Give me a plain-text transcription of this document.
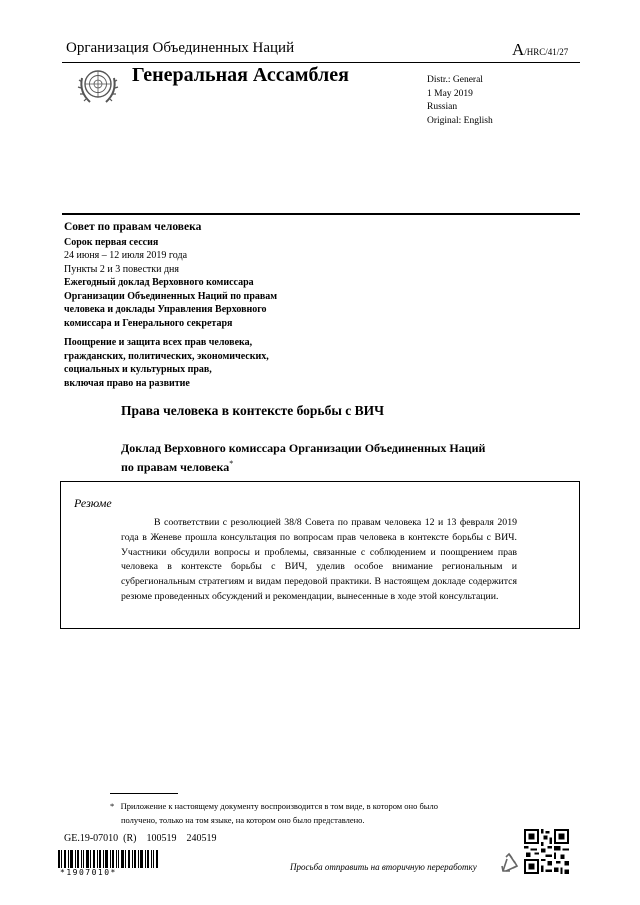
Организация Объединенных Наций	A/HRC/41/27
Генеральная Ассамблея	Distr.: General
1 May 2019
Russian
Original: English
Совет по правам человека
Сорок первая сессия
24 июня – 12 июля 2019 года
Пункты 2 и 3 повестки дня
Ежегодный доклад Верховного комиссара
Организации Объединенных Наций по правам
человека и доклады Управления Верховного
комиссара и Генерального секретаря
Поощрение и защита всех прав человека,
гражданских, политических, экономических,
социальных и культурных прав,
включая право на развитие
Права человека в контексте борьбы с ВИЧ
Доклад Верховного комиссара Организации Объединенных Наций
по правам человека*
Резюме
В соответствии с резолюцией 38/8 Совета по правам человека 12 и 13 февраля 2019 года в Женеве прошла консультация по вопросам прав человека в контексте борьбы с ВИЧ. Участники обсудили вопросы и проблемы, связанные с соблюдением и поощрением прав человека в контексте борьбы с ВИЧ, уделив особое внимание региональным и субрегиональным стратегиям и видам передовой практики. В настоящем докладе содержится резюме проведенных обсуждений и рекомендации, вынесенные в ходе этой консультации.
* Приложение к настоящему документу воспроизводится в том виде, в котором оно было
получено, только на том языке, на котором оно было представлено.
GE.19-07010  (R)    100519    240519
*1907010*
Просьба отправить на вторичную переработку
